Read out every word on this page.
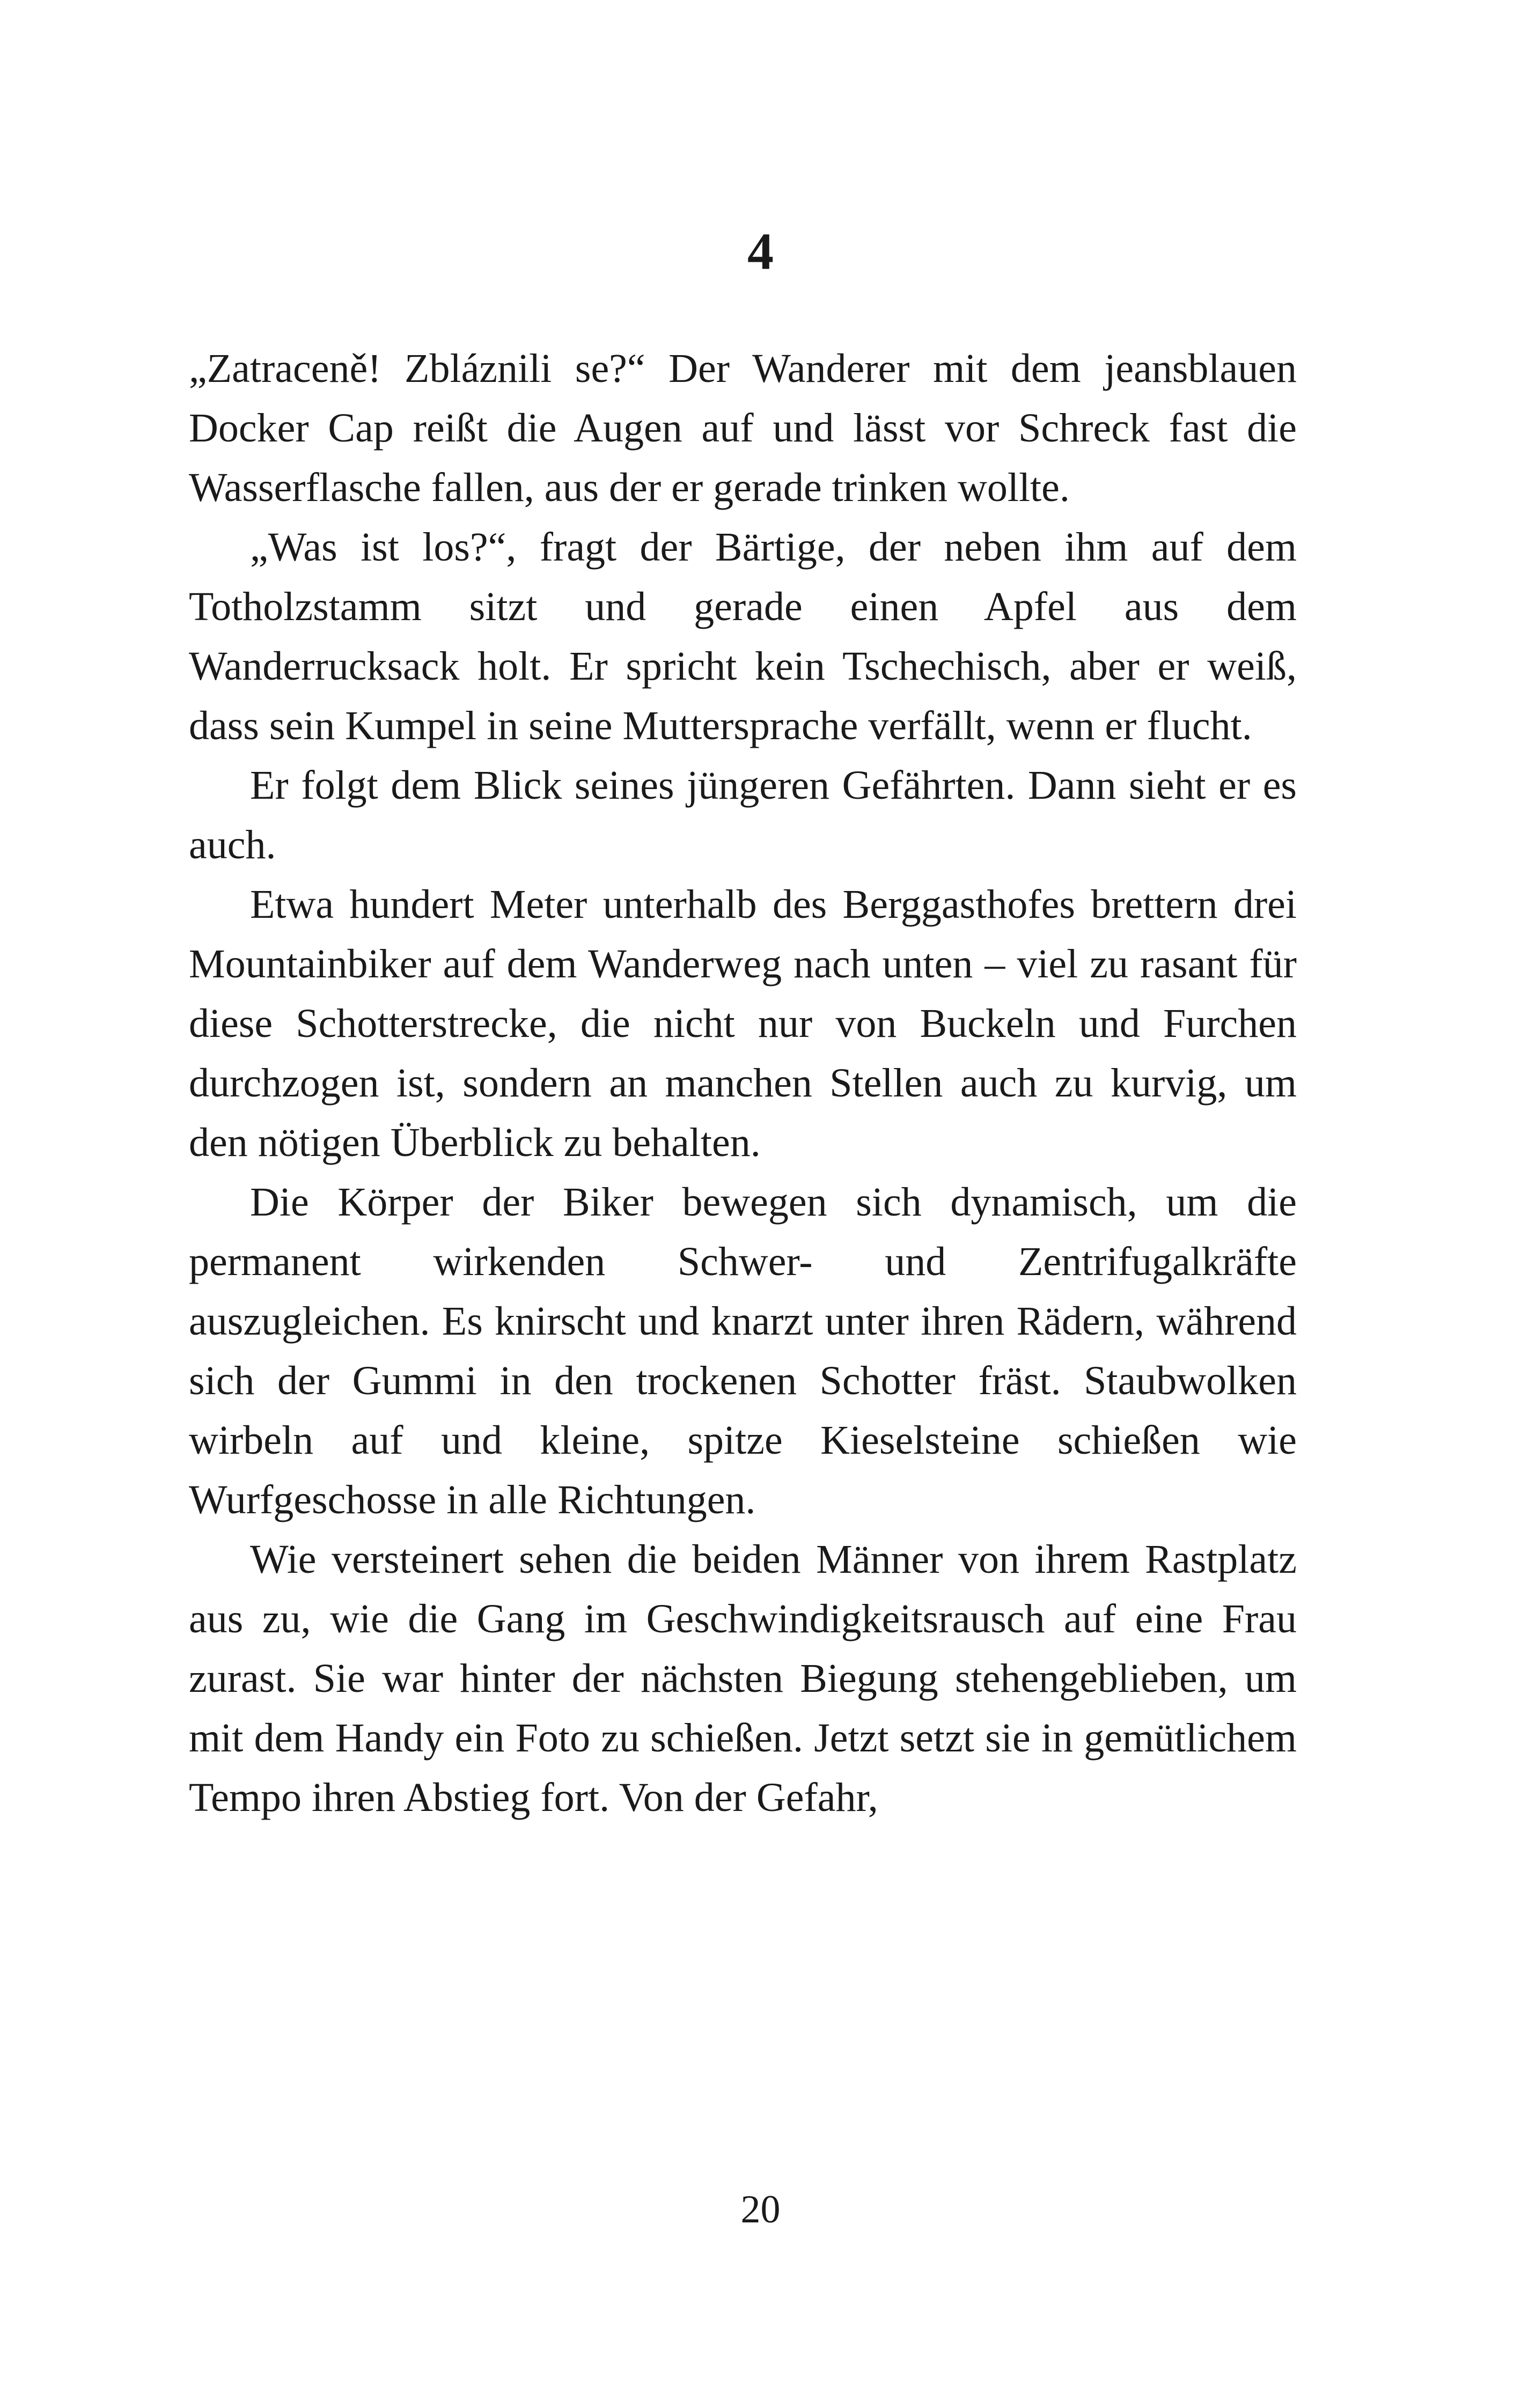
4

„Zatraceně! Zbláznili se?“ Der Wanderer mit dem jeansblauen Docker Cap reißt die Augen auf und lässt vor Schreck fast die Wasserflasche fallen, aus der er gerade trinken wollte.

„Was ist los?“, fragt der Bärtige, der neben ihm auf dem Totholzstamm sitzt und gerade einen Apfel aus dem Wanderrucksack holt. Er spricht kein Tschechisch, aber er weiß, dass sein Kumpel in seine Muttersprache verfällt, wenn er flucht.

Er folgt dem Blick seines jüngeren Gefährten. Dann sieht er es auch.

Etwa hundert Meter unterhalb des Berggasthofes brettern drei Mountainbiker auf dem Wanderweg nach unten – viel zu rasant für diese Schotterstrecke, die nicht nur von Buckeln und Furchen durchzogen ist, sondern an manchen Stellen auch zu kurvig, um den nötigen Überblick zu behalten.

Die Körper der Biker bewegen sich dynamisch, um die permanent wirkenden Schwer- und Zentrifugalkräfte auszugleichen. Es knirscht und knarzt unter ihren Rädern, während sich der Gummi in den trockenen Schotter fräst. Staubwolken wirbeln auf und kleine, spitze Kieselsteine schießen wie Wurfgeschosse in alle Richtungen.

Wie versteinert sehen die beiden Männer von ihrem Rastplatz aus zu, wie die Gang im Geschwindigkeitsrausch auf eine Frau zurast. Sie war hinter der nächsten Biegung stehengeblieben, um mit dem Handy ein Foto zu schießen. Jetzt setzt sie in gemütlichem Tempo ihren Abstieg fort. Von der Gefahr,

20
